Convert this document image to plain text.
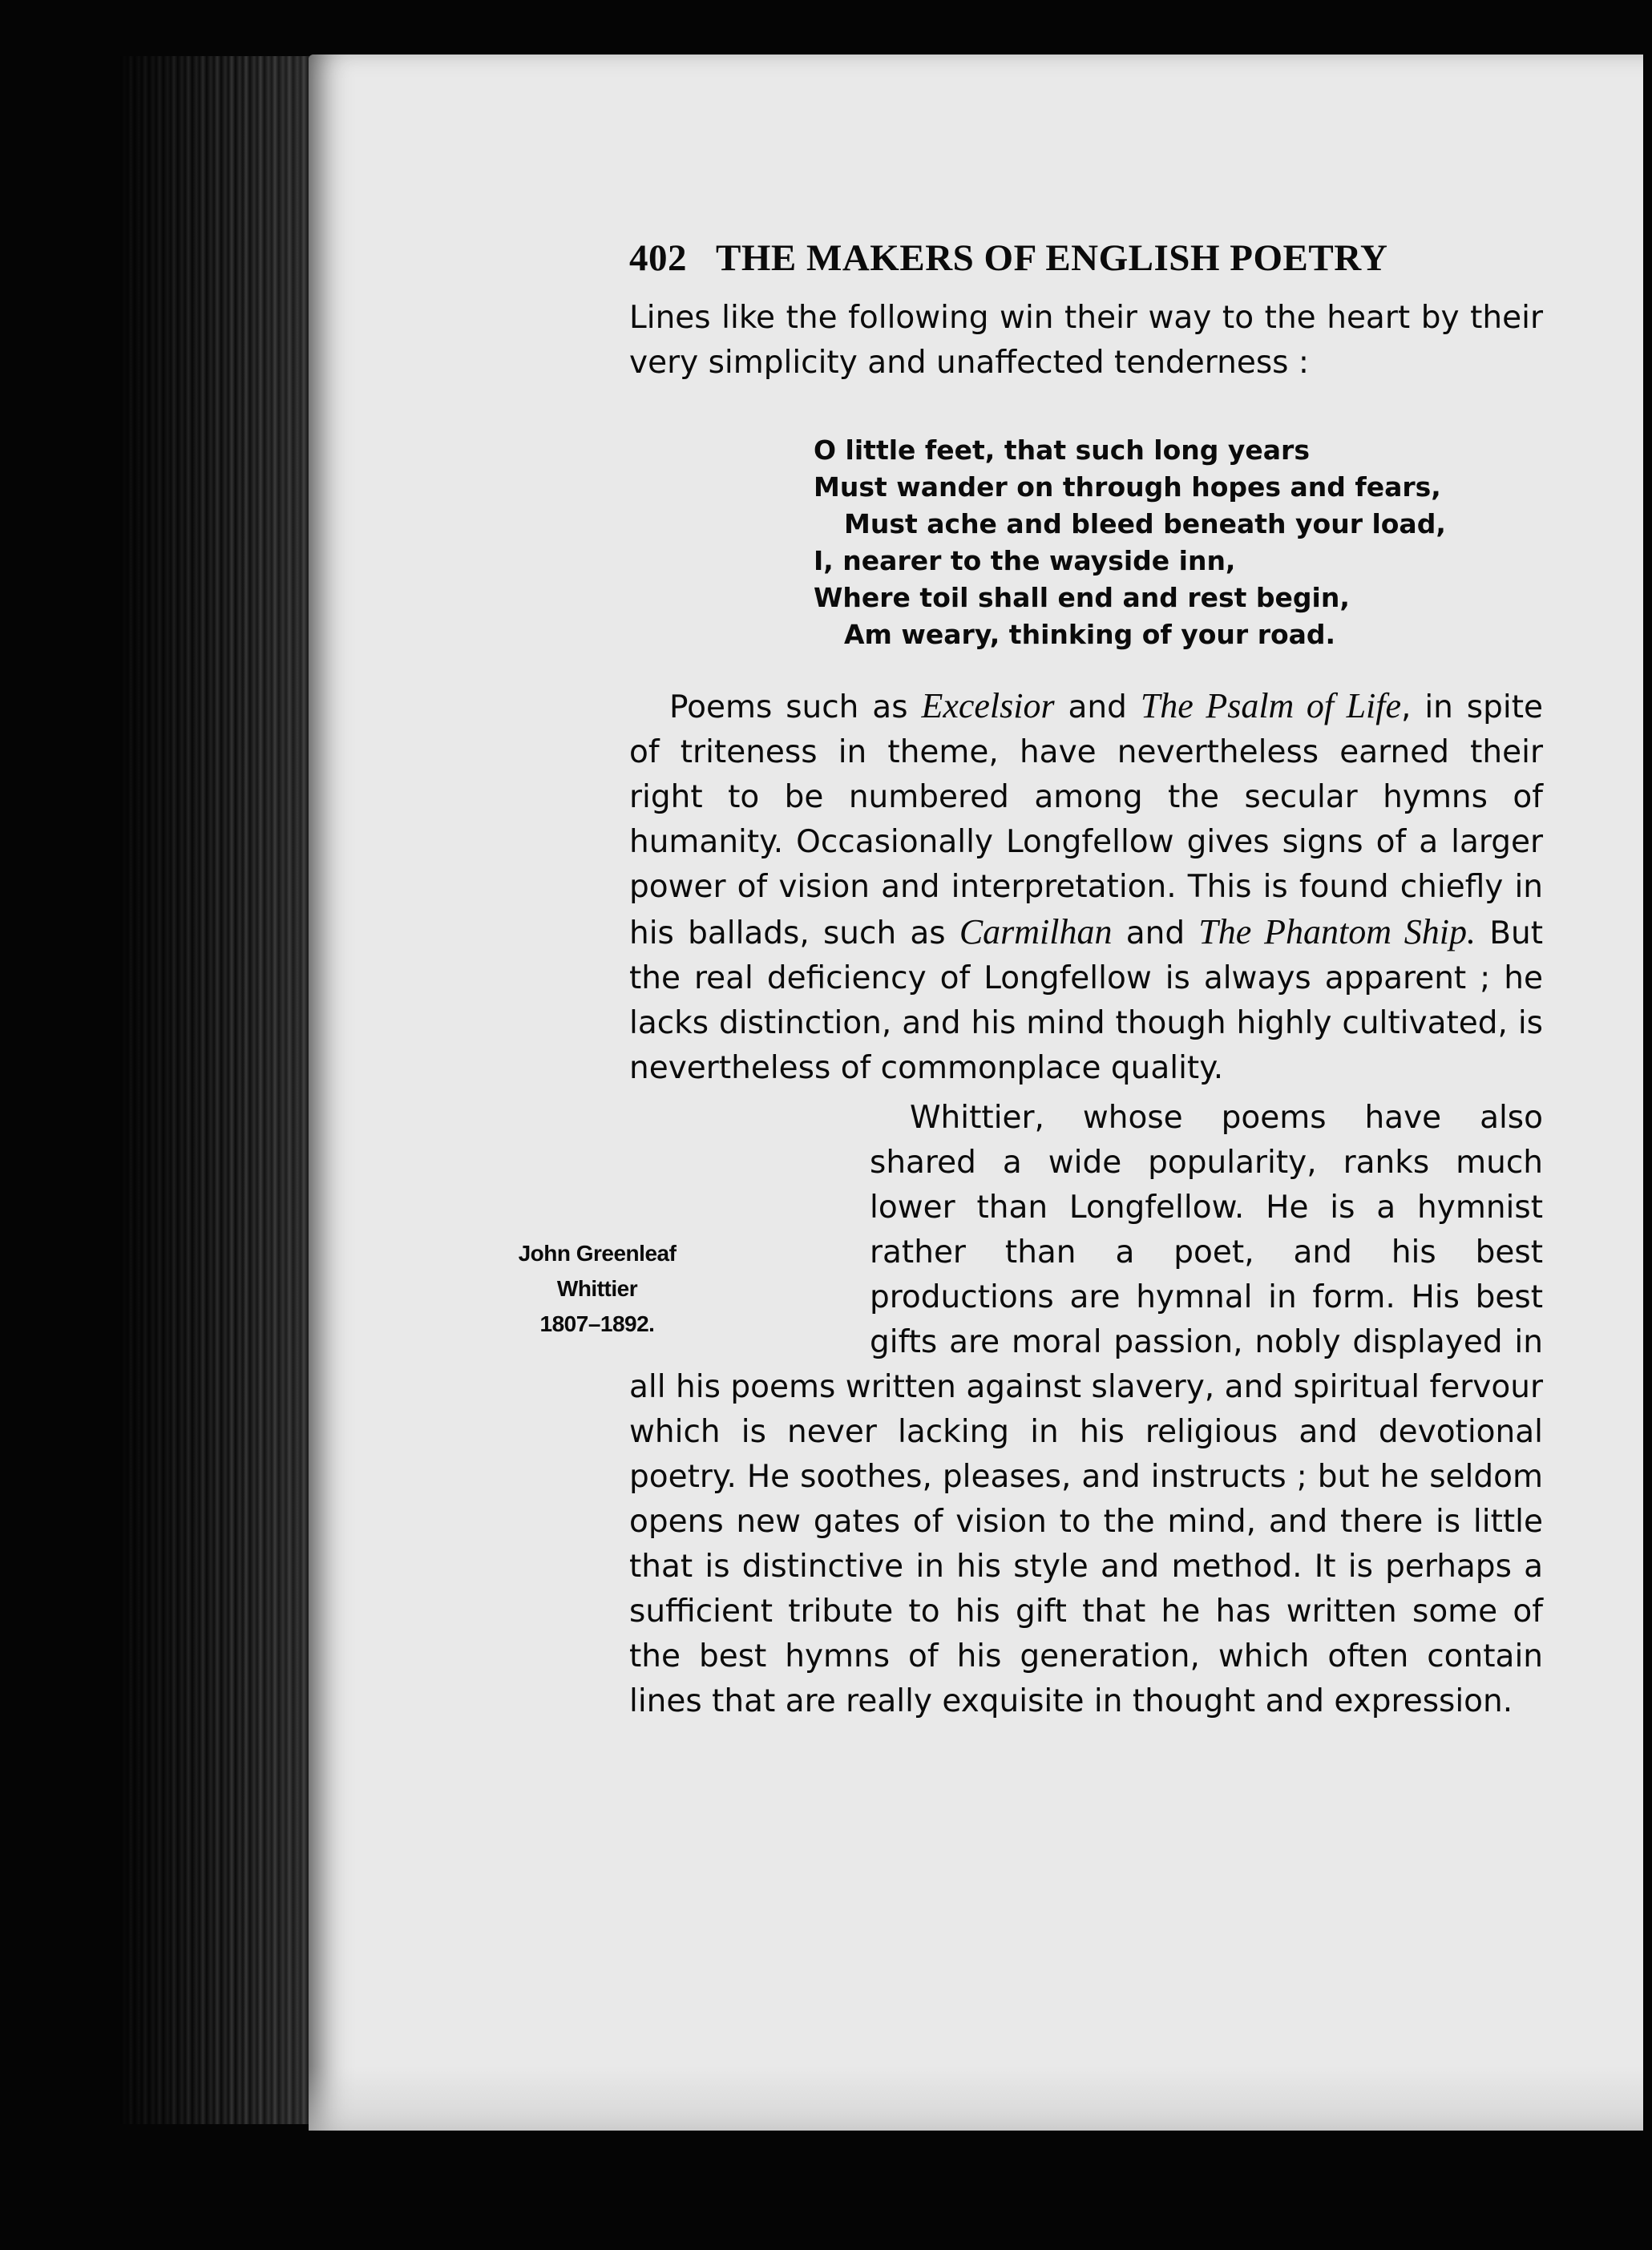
402 THE MAKERS OF ENGLISH POETRY

Lines like the following win their way to the heart by their very simplicity and unaffected tenderness :

O little feet, that such long years
Must wander on through hopes and fears,
Must ache and bleed beneath your load,
I, nearer to the wayside inn,
Where toil shall end and rest begin,
Am weary, thinking of your road.

Poems such as Excelsior and The Psalm of Life, in spite of triteness in theme, have nevertheless earned their right to be numbered among the secular hymns of humanity. Occasionally Longfellow gives signs of a larger power of vision and interpretation. This is found chiefly in his ballads, such as Carmilhan and The Phantom Ship. But the real deficiency of Longfellow is always apparent ; he lacks distinction, and his mind though highly cultivated, is nevertheless of commonplace quality.

John Greenleaf
Whittier
1807–1892.

Whittier, whose poems have also shared a wide popularity, ranks much lower than Longfellow. He is a hymnist rather than a poet, and his best productions are hymnal in form. His best gifts are moral passion, nobly displayed in all his poems written against slavery, and spiritual fervour which is never lacking in his religious and devotional poetry. He soothes, pleases, and instructs ; but he seldom opens new gates of vision to the mind, and there is little that is distinctive in his style and method. It is perhaps a sufficient tribute to his gift that he has written some of the best hymns of his generation, which often contain lines that are really exquisite in thought and expression.
